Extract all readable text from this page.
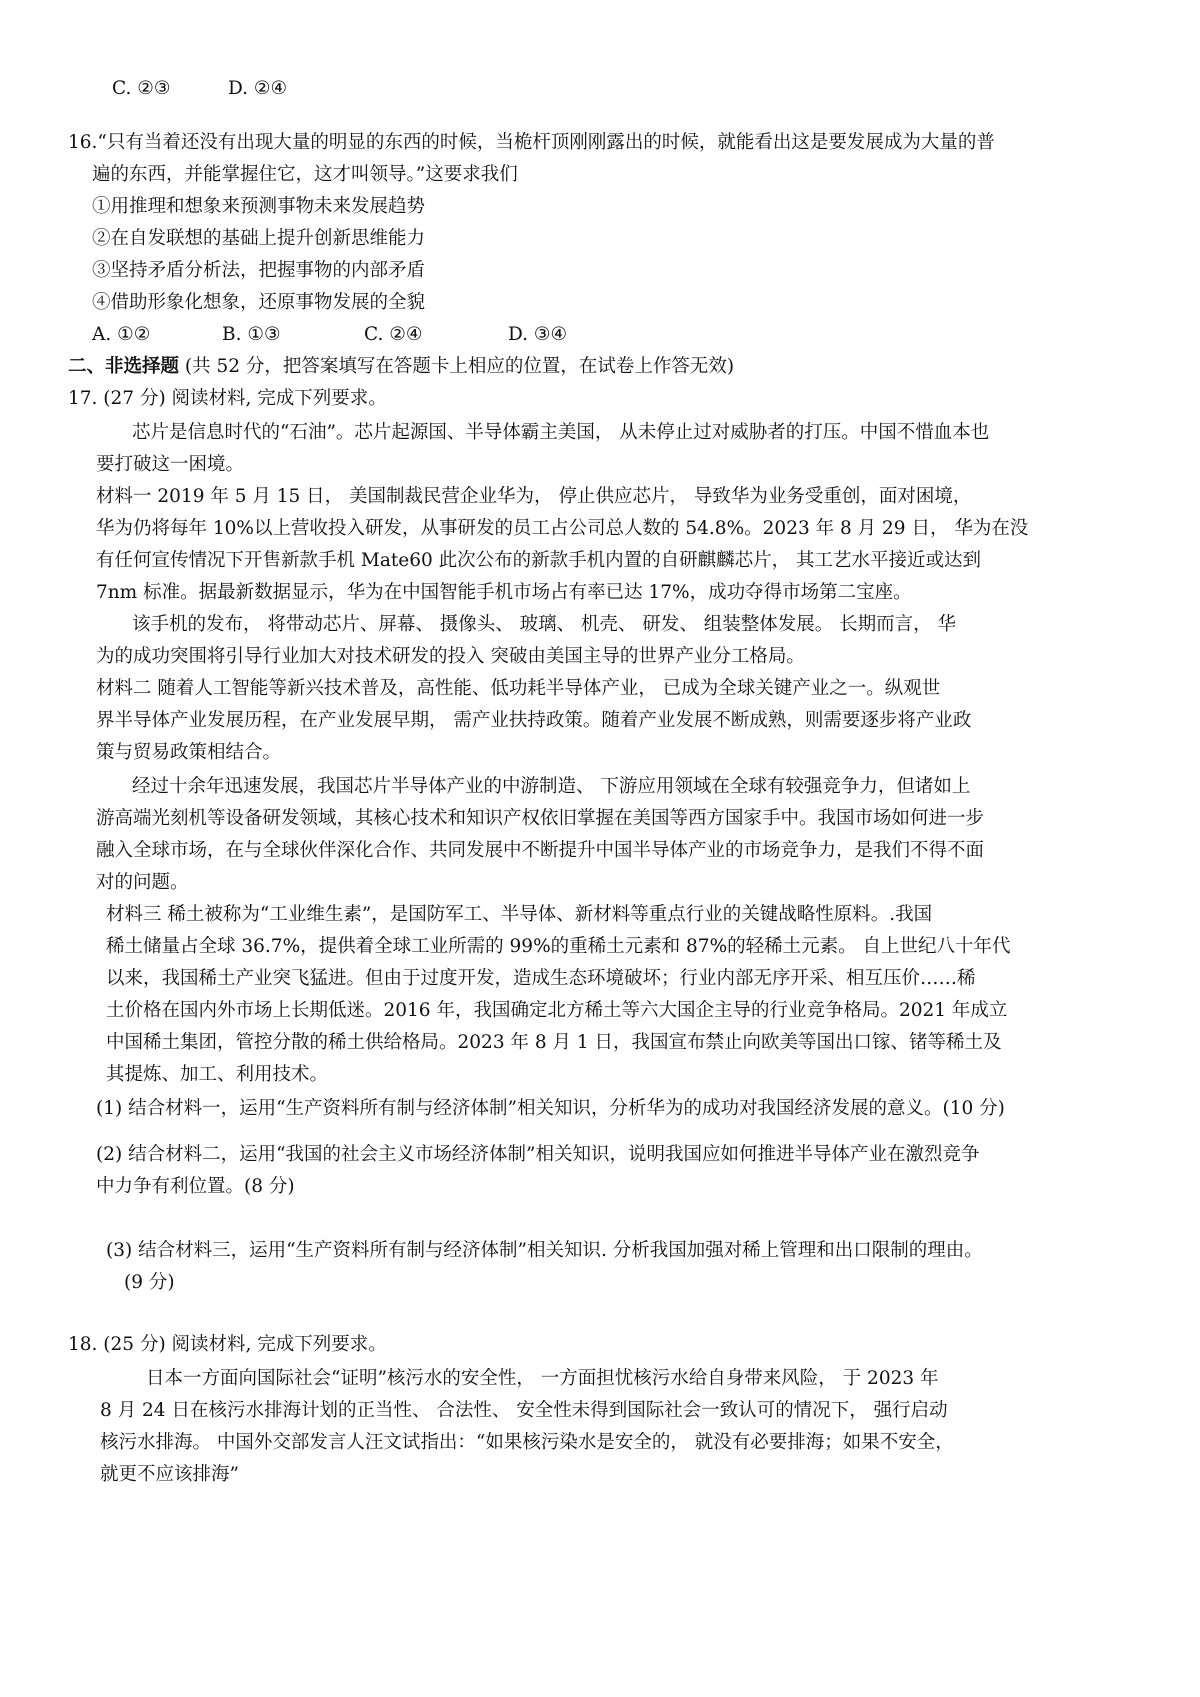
C. ②③	D. ②④
16.“只有当着还没有出现大量的明显的东西的时候，当桅杆顶刚刚露出的时候，就能看出这是要发展成为大量的普
遍的东西，并能掌握住它，这才叫领导。”这要求我们
①用推理和想象来预测事物未来发展趋势
②在自发联想的基础上提升创新思维能力
③坚持矛盾分析法，把握事物的内部矛盾
④借助形象化想象，还原事物发展的全貌
A. ①②	B. ①③	C. ②④	D. ③④
二、非选择题 (共 52 分，把答案填写在答题卡上相应的位置，在试卷上作答无效)
17. (27 分) 阅读材料, 完成下列要求。
芯片是信息时代的“石油”。芯片起源国、半导体霸主美国， 从未停止过对威胁者的打压。中国不惜血本也
要打破这一困境。
材料一 2019 年 5 月 15 日， 美国制裁民营企业华为， 停止供应芯片， 导致华为业务受重创，面对困境，
华为仍将每年 10%以上营收投入研发，从事研发的员工占公司总人数的 54.8%。2023 年 8 月 29 日， 华为在没
有任何宣传情况下开售新款手机 Mate60 此次公布的新款手机内置的自研麒麟芯片， 其工艺水平接近或达到
7nm 标准。据最新数据显示，华为在中国智能手机市场占有率已达 17%，成功夺得市场第二宝座。
该手机的发布， 将带动芯片、屏幕、 摄像头、 玻璃、 机壳、 研发、 组装整体发展。 长期而言， 华
为的成功突围将引导行业加大对技术研发的投入 突破由美国主导的世界产业分工格局。
材料二 随着人工智能等新兴技术普及，高性能、低功耗半导体产业， 已成为全球关键产业之一。纵观世
界半导体产业发展历程，在产业发展早期， 需产业扶持政策。随着产业发展不断成熟，则需要逐步将产业政
策与贸易政策相结合。
经过十余年迅速发展，我国芯片半导体产业的中游制造、 下游应用领域在全球有较强竞争力，但诸如上
游高端光刻机等设备研发领域，其核心技术和知识产权依旧掌握在美国等西方国家手中。我国市场如何进一步
融入全球市场，在与全球伙伴深化合作、共同发展中不断提升中国半导体产业的市场竞争力，是我们不得不面
对的问题。
材料三 稀土被称为“工业维生素”，是国防军工、半导体、新材料等重点行业的关键战略性原料。.我国
稀土储量占全球 36.7%，提供着全球工业所需的 99%的重稀土元素和 87%的轻稀土元素。 自上世纪八十年代
以来，我国稀土产业突飞猛进。但由于过度开发，造成生态环境破坏；行业内部无序开采、相互压价……稀
土价格在国内外市场上长期低迷。2016 年，我国确定北方稀土等六大国企主导的行业竞争格局。2021 年成立
中国稀土集团，管控分散的稀土供给格局。2023 年 8 月 1 日，我国宣布禁止向欧美等国出口镓、锗等稀土及
其提炼、加工、利用技术。
(1) 结合材料一，运用“生产资料所有制与经济体制”相关知识，分析华为的成功对我国经济发展的意义。(10 分)
(2) 结合材料二，运用“我国的社会主义市场经济体制”相关知识，说明我国应如何推进半导体产业在激烈竞争
中力争有利位置。(8 分)
(3) 结合材料三，运用“生产资料所有制与经济体制”相关知识. 分析我国加强对稀上管理和出口限制的理由。
(9 分)
18. (25 分) 阅读材料, 完成下列要求。
日本一方面向国际社会“证明”核污水的安全性， 一方面担忧核污水给自身带来风险， 于 2023 年
8 月 24 日在核污水排海计划的正当性、 合法性、 安全性未得到国际社会一致认可的情况下， 强行启动
核污水排海。 中国外交部发言人汪文试指出：“如果核污染水是安全的， 就没有必要排海；如果不安全，
就更不应该排海”
